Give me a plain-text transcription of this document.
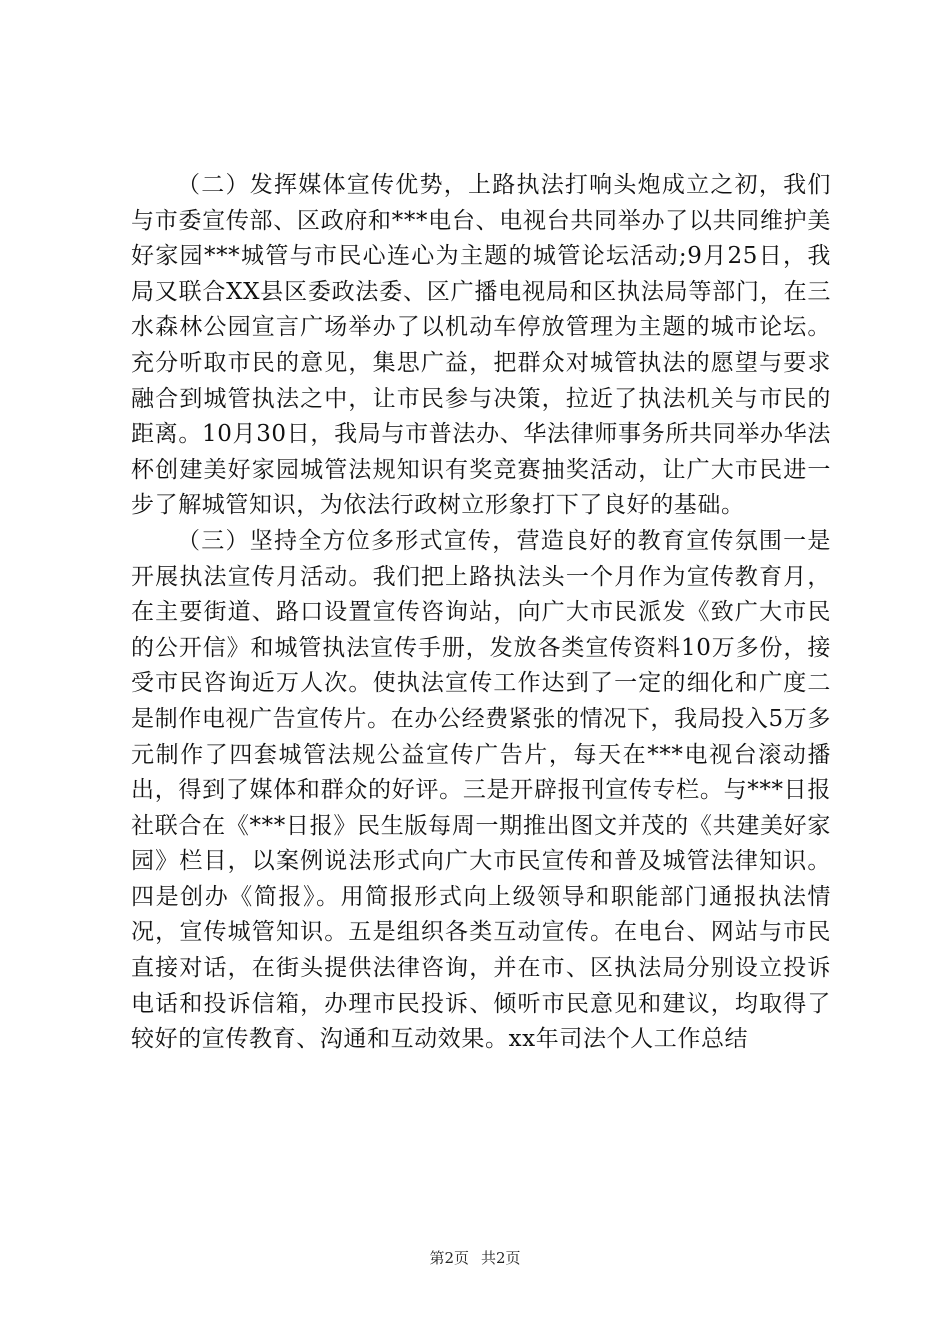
（二）发挥媒体宣传优势，上路执法打响头炮成立之初，我们与市委宣传部、区政府和***电台、电视台共同举办了以共同维护美好家园***城管与市民心连心为主题的城管论坛活动;9月25日，我局又联合XX县区委政法委、区广播电视局和区执法局等部门，在三水森林公园宣言广场举办了以机动车停放管理为主题的城市论坛。充分听取市民的意见，集思广益，把群众对城管执法的愿望与要求融合到城管执法之中，让市民参与决策，拉近了执法机关与市民的距离。10月30日，我局与市普法办、华法律师事务所共同举办华法杯创建美好家园城管法规知识有奖竞赛抽奖活动，让广大市民进一步了解城管知识，为依法行政树立形象打下了良好的基础。

（三）坚持全方位多形式宣传，营造良好的教育宣传氛围一是开展执法宣传月活动。我们把上路执法头一个月作为宣传教育月，在主要街道、路口设置宣传咨询站，向广大市民派发《致广大市民的公开信》和城管执法宣传手册，发放各类宣传资料10万多份，接受市民咨询近万人次。使执法宣传工作达到了一定的细化和广度二是制作电视广告宣传片。在办公经费紧张的情况下，我局投入5万多元制作了四套城管法规公益宣传广告片，每天在***电视台滚动播出，得到了媒体和群众的好评。三是开辟报刊宣传专栏。与***日报社联合在《***日报》民生版每周一期推出图文并茂的《共建美好家园》栏目，以案例说法形式向广大市民宣传和普及城管法律知识。四是创办《简报》。用简报形式向上级领导和职能部门通报执法情况，宣传城管知识。五是组织各类互动宣传。在电台、网站与市民直接对话，在街头提供法律咨询，并在市、区执法局分别设立投诉电话和投诉信箱，办理市民投诉、倾听市民意见和建议，均取得了较好的宣传教育、沟通和互动效果。xx年司法个人工作总结

第2页 共2页
